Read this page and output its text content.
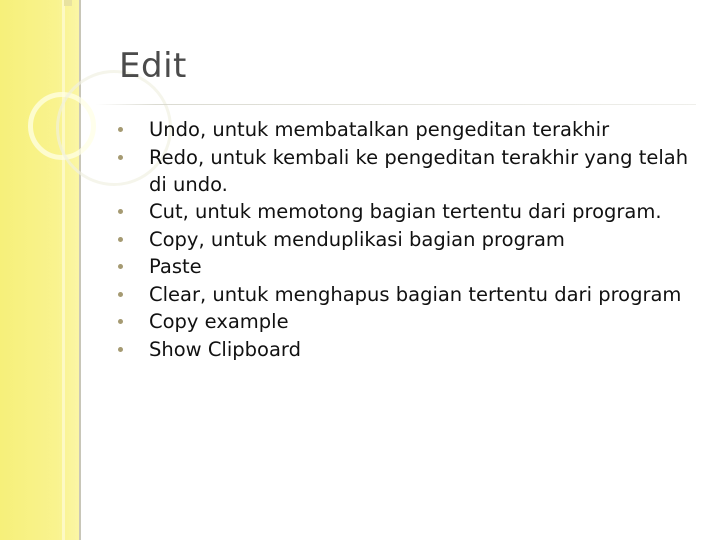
Edit
Undo, untuk membatalkan pengeditan terakhir
Redo, untuk kembali ke pengeditan terakhir yang telah di undo.
Cut, untuk memotong bagian tertentu dari program.
Copy, untuk menduplikasi bagian program
Paste
Clear, untuk menghapus bagian tertentu dari program
Copy example
Show Clipboard
